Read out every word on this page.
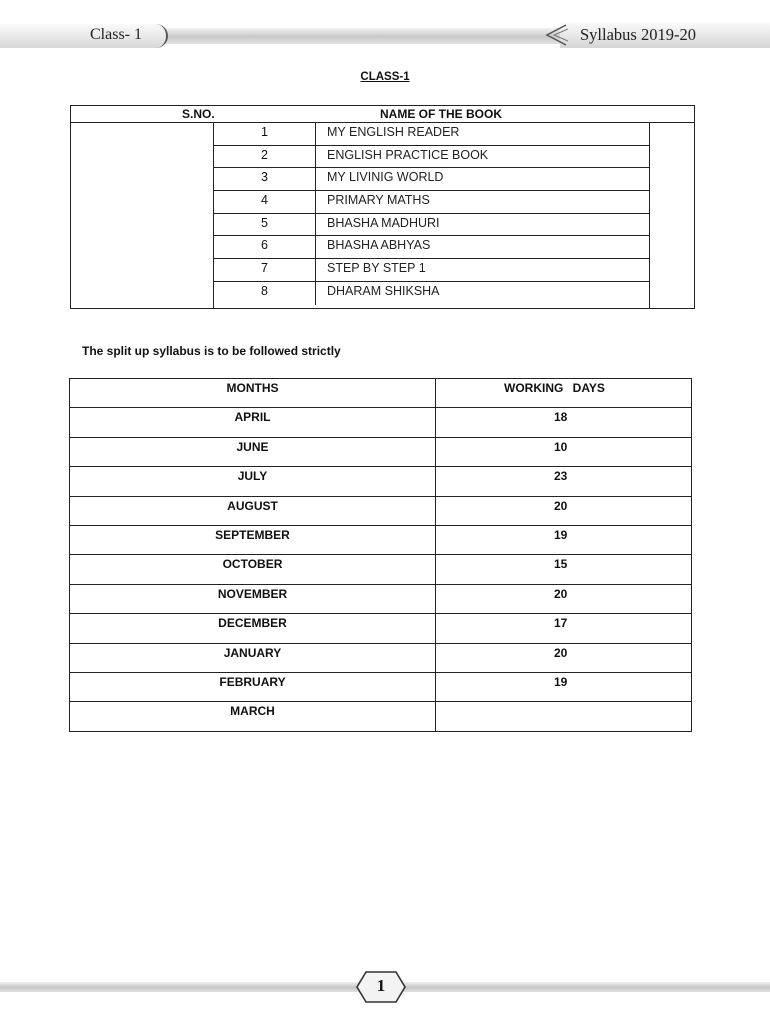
Class- 1	Syllabus 2019-20
CLASS-1
S.NO.	NAME OF THE BOOK
1	MY ENGLISH READER
2	ENGLISH PRACTICE BOOK
3	MY LIVINIG WORLD
4	PRIMARY MATHS
5	BHASHA MADHURI
6	BHASHA ABHYAS
7	STEP BY STEP 1
8	DHARAM SHIKSHA
The split up syllabus is to be followed strictly
MONTHS	WORKING DAYS
APRIL	18
JUNE	10
JULY	23
AUGUST	20
SEPTEMBER	19
OCTOBER	15
NOVEMBER	20
DECEMBER	17
JANUARY	20
FEBRUARY	19
MARCH	
1
